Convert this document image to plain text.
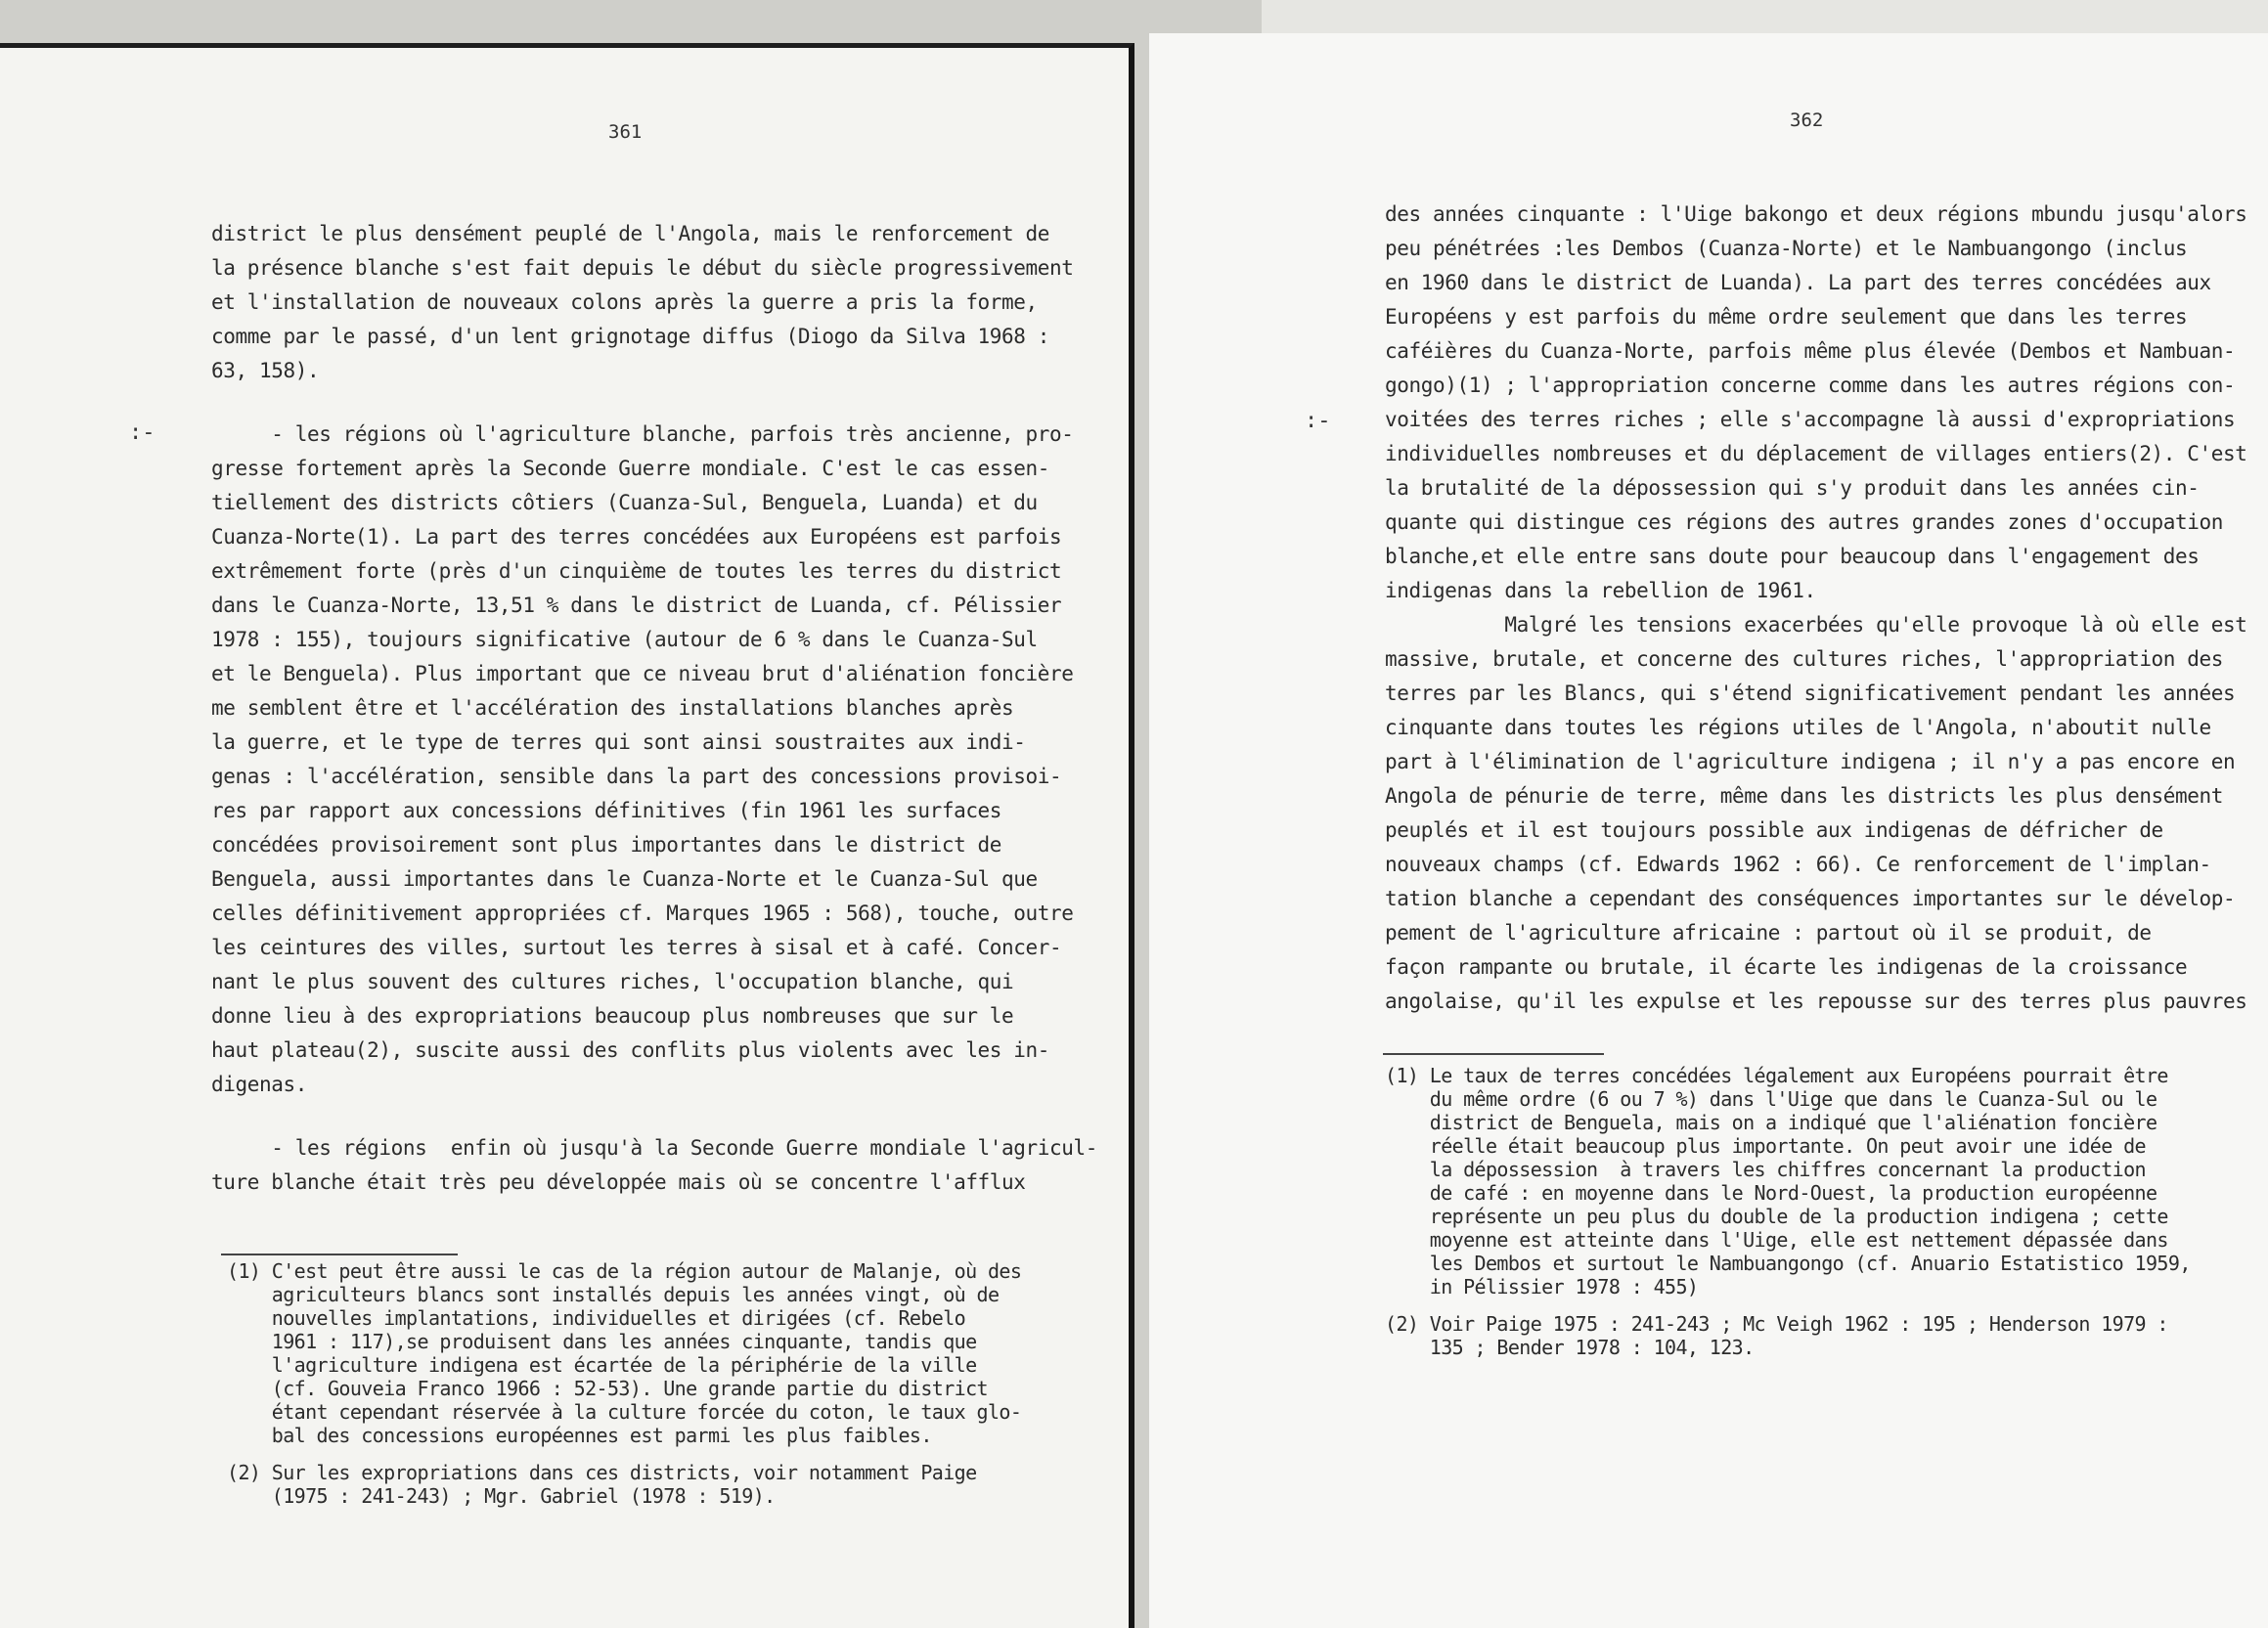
361
:-

district le plus densément peuplé de l'Angola, mais le renforcement de

la présence blanche s'est fait depuis le début du siècle progressivement

et l'installation de nouveaux colons après la guerre a pris la forme,

comme par le passé, d'un lent grignotage diffus (Diogo da Silva 1968 :

63, 158).

- les régions où l'agriculture blanche, parfois très ancienne, pro-

gresse fortement après la Seconde Guerre mondiale. C'est le cas essen-

tiellement des districts côtiers (Cuanza-Sul, Benguela, Luanda) et du

Cuanza-Norte(1). La part des terres concédées aux Européens est parfois

extrêmement forte (près d'un cinquième de toutes les terres du district

dans le Cuanza-Norte, 13,51 % dans le district de Luanda, cf. Pélissier

1978 : 155), toujours significative (autour de 6 % dans le Cuanza-Sul

et le Benguela). Plus important que ce niveau brut d'aliénation foncière

me semblent être et l'accélération des installations blanches après

la guerre, et le type de terres qui sont ainsi soustraites aux indi-

genas : l'accélération, sensible dans la part des concessions provisoi-

res par rapport aux concessions définitives (fin 1961 les surfaces

concédées provisoirement sont plus importantes dans le district de

Benguela, aussi importantes dans le Cuanza-Norte et le Cuanza-Sul que

celles définitivement appropriées cf. Marques 1965 : 568), touche, outre

les ceintures des villes, surtout les terres à sisal et à café. Concer-

nant le plus souvent des cultures riches, l'occupation blanche, qui

donne lieu à des expropriations beaucoup plus nombreuses que sur le

haut plateau(2), suscite aussi des conflits plus violents avec les in-

digenas.

- les régions  enfin où jusqu'à la Seconde Guerre mondiale l'agricul-

ture blanche était très peu développée mais où se concentre l'afflux

(1) C'est peut être aussi le cas de la région autour de Malanje, où des

agriculteurs blancs sont installés depuis les années vingt, où de

nouvelles implantations, individuelles et dirigées (cf. Rebelo

1961 : 117),se produisent dans les années cinquante, tandis que

l'agriculture indigena est écartée de la périphérie de la ville

(cf. Gouveia Franco 1966 : 52-53). Une grande partie du district

étant cependant réservée à la culture forcée du coton, le taux glo-

bal des concessions européennes est parmi les plus faibles.

(2) Sur les expropriations dans ces districts, voir notamment Paige

(1975 : 241-243) ; Mgr. Gabriel (1978 : 519).

362
:-

des années cinquante : l'Uige bakongo et deux régions mbundu jusqu'alors

peu pénétrées :les Dembos (Cuanza-Norte) et le Nambuangongo (inclus

en 1960 dans le district de Luanda). La part des terres concédées aux

Européens y est parfois du même ordre seulement que dans les terres

caféières du Cuanza-Norte, parfois même plus élevée (Dembos et Nambuan-

gongo)(1) ; l'appropriation concerne comme dans les autres régions con-

voitées des terres riches ; elle s'accompagne là aussi d'expropriations

individuelles nombreuses et du déplacement de villages entiers(2). C'est

la brutalité de la dépossession qui s'y produit dans les années cin-

quante qui distingue ces régions des autres grandes zones d'occupation

blanche,et elle entre sans doute pour beaucoup dans l'engagement des

indigenas dans la rebellion de 1961.

Malgré les tensions exacerbées qu'elle provoque là où elle est

massive, brutale, et concerne des cultures riches, l'appropriation des

terres par les Blancs, qui s'étend significativement pendant les années

cinquante dans toutes les régions utiles de l'Angola, n'aboutit nulle

part à l'élimination de l'agriculture indigena ; il n'y a pas encore en

Angola de pénurie de terre, même dans les districts les plus densément

peuplés et il est toujours possible aux indigenas de défricher de

nouveaux champs (cf. Edwards 1962 : 66). Ce renforcement de l'implan-

tation blanche a cependant des conséquences importantes sur le dévelop-

pement de l'agriculture africaine : partout où il se produit, de

façon rampante ou brutale, il écarte les indigenas de la croissance

angolaise, qu'il les expulse et les repousse sur des terres plus pauvres

(1) Le taux de terres concédées légalement aux Européens pourrait être

du même ordre (6 ou 7 %) dans l'Uige que dans le Cuanza-Sul ou le

district de Benguela, mais on a indiqué que l'aliénation foncière

réelle était beaucoup plus importante. On peut avoir une idée de

la dépossession  à travers les chiffres concernant la production

de café : en moyenne dans le Nord-Ouest, la production européenne

représente un peu plus du double de la production indigena ; cette

moyenne est atteinte dans l'Uige, elle est nettement dépassée dans

les Dembos et surtout le Nambuangongo (cf. Anuario Estatistico 1959,

in Pélissier 1978 : 455)

(2) Voir Paige 1975 : 241-243 ; Mc Veigh 1962 : 195 ; Henderson 1979 :

135 ; Bender 1978 : 104, 123.
